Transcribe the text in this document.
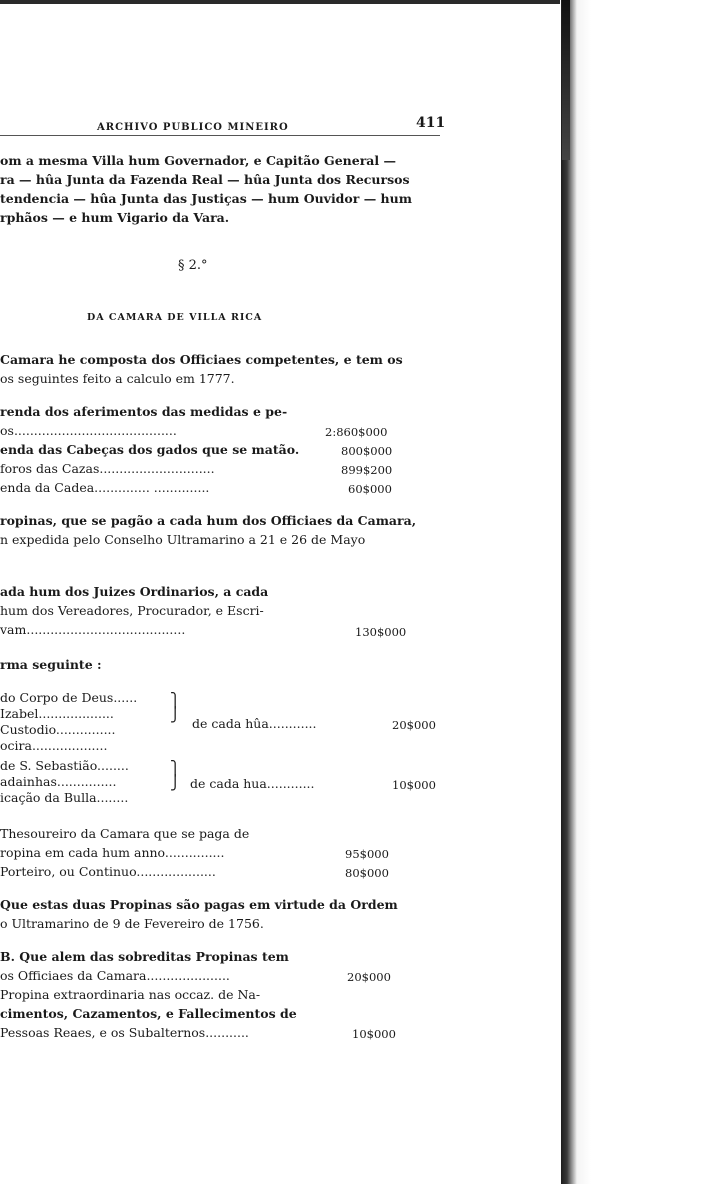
ARCHIVO PUBLICO MINEIRO	411
om a mesma Villa hum Governador, e Capitão General —
ra — hûa Junta da Fazenda Real — hûa Junta dos Recursos
tendencia — hûa Junta das Justiças — hum Ouvidor — hum
rphãos — e hum Vigario da Vara.
§ 2.°
DA CAMARA DE VILLA RICA
Camara he composta dos Officiaes competentes, e tem os
os seguintes feito a calculo em 1777.
renda dos aferimentos das medidas e pe-
os.........................................	2:860$000
enda das Cabeças dos gados que se matão.	800$000
foros das Cazas.............................	899$200
enda da Cadea.............. ..............	60$000
ropinas, que se pagão a cada hum dos Officiaes da Camara,
n expedida pelo Conselho Ultramarino a 21 e 26 de Mayo
ada hum dos Juizes Ordinarios, a cada
hum dos Vereadores, Procurador, e Escri-
vam........................................	130$000
rma seguinte :
do Corpo de Deus......
Izabel...................
Custodio...............
ocira...................
⎫
⎭
de cada hûa............	20$000
de S. Sebastião........
adainhas...............
icação da Bulla........
⎫
⎭ de cada hua............	10$000
Thesoureiro da Camara que se paga de
ropina em cada hum anno...............	95$000
Porteiro, ou Continuo....................	80$000
Que estas duas Propinas são pagas em virtude da Ordem
o Ultramarino de 9 de Fevereiro de 1756.
B. Que alem das sobreditas Propinas tem
os Officiaes da Camara.....................	20$000
Propina extraordinaria nas occaz. de Na-
cimentos, Cazamentos, e Fallecimentos de
Pessoas Reaes, e os Subalternos...........	10$000
